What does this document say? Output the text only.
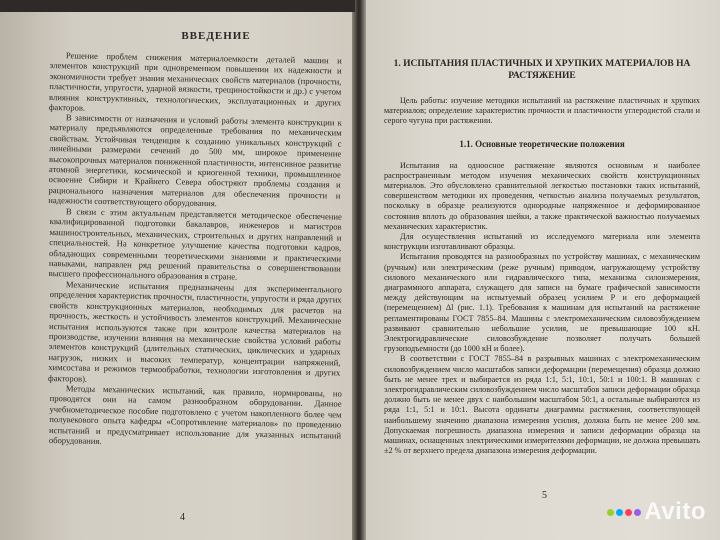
ВВЕДЕНИЕ

Решение проблем снижения материалоемкости деталей машин и элементов конструкций при одновременном повышении их надежности и экономичности требует знания механических свойств материалов (прочности, пластичности, упругости, ударной вязкости, трещиностойкости и др.) с учетом влияния конструктивных, технологических, эксплуатационных и других факторов.

В зависимости от назначения и условий работы элемента конструкции к материалу предъявляются определенные требования по механическим свойствам. Устойчивая тенденция к созданию уникальных конструкций с линейными размерами сечений до 500 мм, широкое применение высокопрочных материалов пониженной пластичности, интенсивное развитие атомной энергетики, космической и криогенной техники, промышленное освоение Сибири и Крайнего Севера обостряют проблемы создания и рационального назначения материалов для обеспечения прочности и надежности соответствующего оборудования.

В связи с этим актуальным представляется методическое обеспечение квалифицированной подготовки бакалавров, инженеров и магистров машиностроительных, механических, строительных и других направлений и специальностей. На конкретное улучшение качества подготовки кадров, обладающих современными теоретическими знаниями и практическими навыками, направлен ряд решений правительства о совершенствовании высшего профессионального образования в стране.

Механические испытания предназначены для экспериментального определения характеристик прочности, пластичности, упругости и ряда других свойств конструкционных материалов, необходимых для расчетов на прочность, жесткость и устойчивость элементов конструкций. Механические испытания используются также при контроле качества материалов на производстве, изучении влияния на механические свойства условий работы элементов конструкций (длительных статических, циклических и ударных нагрузок, низких и высоких температур, концентрации напряжений, химсостава и режимов термообработки, технологии изготовления и других факторов).

Методы механических испытаний, как правило, нормированы, но проводятся они на самом разнообразном оборудовании. Данное учебнометодическое пособие подготовлено с учетом накопленного более чем полувекового опыта кафедры «Сопротивление материалов» по проведению испытаний и предусматривает использование для указанных испытаний оборудования.

4
1. ИСПЫТАНИЯ ПЛАСТИЧНЫХ И ХРУПКИХ МАТЕРИАЛОВ НА РАСТЯЖЕНИЕ

Цель работы: изучение методики испытаний на растяжение пластичных и хрупких материалов; определение характеристик прочности и пластичности углеродистой стали и серого чугуна при растяжении.

1.1. Основные теоретические положения

Испытания на одноосное растяжение являются основным и наиболее распространенным методом изучения механических свойств конструкционных материалов. Это обусловлено сравнительной легкостью постановки таких испытаний, совершенством методики их проведения, четкостью анализа получаемых результатов, поскольку в образце реализуются однородные напряженное и деформированное состояния вплоть до образования шейки, а также практической важностью получаемых механических характеристик.

Для осуществления испытаний из исследуемого материала или элемента конструкции изготавливают образцы.

Испытания проводятся на разнообразных по устройству машинах, с механическим (ручным) или электрическим (реже ручным) приводом, нагружающему устройству силового механического или гидравлического типа, механизма силоизмерения, диаграммного аппарата, служащего для записи на бумаге графической зависимости между действующим на испытуемый образец усилием P и его деформацией (перемещением) Δl (рис. 1.1). Требования к машинам для испытаний на растяжение регламентированы ГОСТ 7855–84. Машины с электромеханическим силовозбуждением развивают сравнительно небольшие усилия, не превышающие 100 кН. Электрогидравлические силовозбуждение позволяет получать большей грузоподъемности (до 1000 кН и более).

В соответствии с ГОСТ 7855–84 в разрывных машинах с электромеханическим силовозбуждением число масштабов записи деформации (перемещения) образца должно быть не менее трех и выбирается из ряда 1:1, 5:1, 10:1, 50:1 и 100:1. В машинах с электрогидравлическим силовозбуждением число масштабов записи деформации образца должно быть не менее двух с наибольшим масштабом 50:1, а остальные выбираются из ряда 1:1, 5:1 и 10:1. Высота ординаты диаграммы растяжения, соответствующей наибольшему значению диапазона измерения усилия, должна быть не менее 200 мм. Допускаемая погрешность диапазона измерения и записи деформации образца на машинах, оснащенных электрическими измерителями деформации, не должна превышать ±2 % от верхнего предела диапазона измерения деформации.

5
Avito
